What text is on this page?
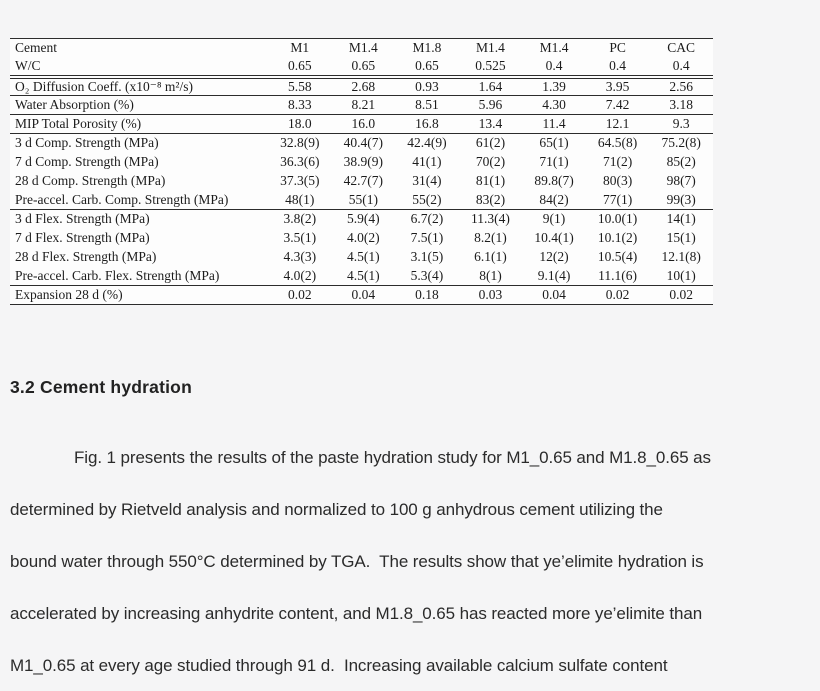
Cement	M1	M1.4	M1.8	M1.4	M1.4	PC	CAC
W/C	0.65	0.65	0.65	0.525	0.4	0.4	0.4
O₂ Diffusion Coeff. (x10⁻⁸ m²/s)	5.58	2.68	0.93	1.64	1.39	3.95	2.56
Water Absorption (%)	8.33	8.21	8.51	5.96	4.30	7.42	3.18
MIP Total Porosity (%)	18.0	16.0	16.8	13.4	11.4	12.1	9.3
3 d Comp. Strength (MPa)	32.8(9)	40.4(7)	42.4(9)	61(2)	65(1)	64.5(8)	75.2(8)
7 d Comp. Strength (MPa)	36.3(6)	38.9(9)	41(1)	70(2)	71(1)	71(2)	85(2)
28 d Comp. Strength (MPa)	37.3(5)	42.7(7)	31(4)	81(1)	89.8(7)	80(3)	98(7)
Pre-accel. Carb. Comp. Strength (MPa)	48(1)	55(1)	55(2)	83(2)	84(2)	77(1)	99(3)
3 d Flex. Strength (MPa)	3.8(2)	5.9(4)	6.7(2)	11.3(4)	9(1)	10.0(1)	14(1)
7 d Flex. Strength (MPa)	3.5(1)	4.0(2)	7.5(1)	8.2(1)	10.4(1)	10.1(2)	15(1)
28 d Flex. Strength (MPa)	4.3(3)	4.5(1)	3.1(5)	6.1(1)	12(2)	10.5(4)	12.1(8)
Pre-accel. Carb. Flex. Strength (MPa)	4.0(2)	4.5(1)	5.3(4)	8(1)	9.1(4)	11.1(6)	10(1)
Expansion 28 d (%)	0.02	0.04	0.18	0.03	0.04	0.02	0.02
3.2 Cement hydration
Fig. 1 presents the results of the paste hydration study for M1_0.65 and M1.8_0.65 as
determined by Rietveld analysis and normalized to 100 g anhydrous cement utilizing the
bound water through 550°C determined by TGA.  The results show that ye’elimite hydration is
accelerated by increasing anhydrite content, and M1.8_0.65 has reacted more ye’elimite than
M1_0.65 at every age studied through 91 d.  Increasing available calcium sulfate content
